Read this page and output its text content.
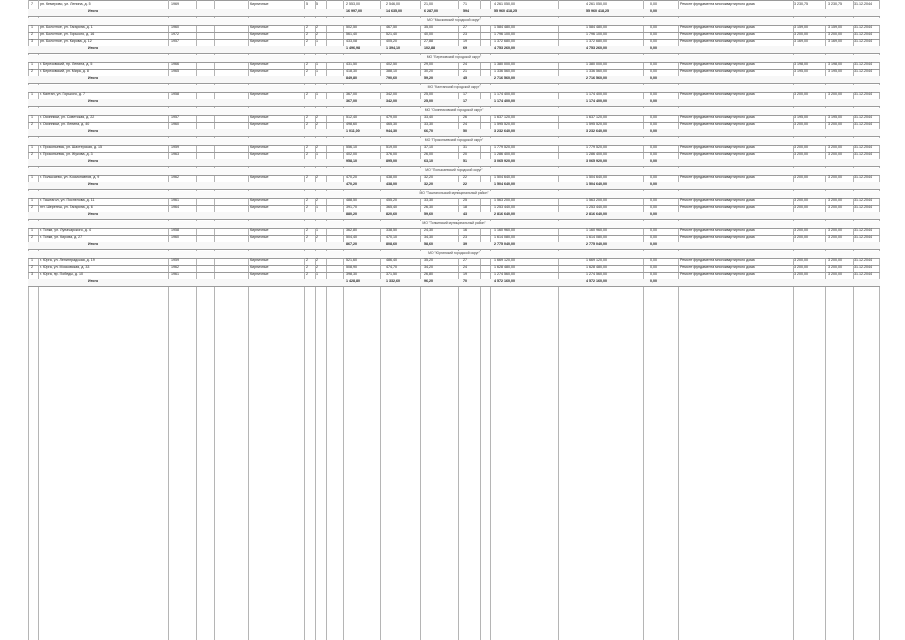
7	рп. Кемерово, ул. Ленина, д. 5	1969	Кирпичные	5	5	2 553,00	2 546,00	21,00	71	4 261 050,00	4 261 050,00	0,00	Ремонт фундамента многоквартирного дома	3 230,75	3 230,75	31.12.2044
Итого	16 997,00	14 635,00	6 287,00	594	55 960 418,25	55 960 418,25	0,00
МО "Мысковский городской округ"
1	рп. Болотное, ул. Гагарина, д. 1	1960	Кирпичные	2	2	502,50	467,50	35,00	27	1 584 480,00	1 584 480,00	0,00	Ремонт фундамента многоквартирного дома	3 159,00	3 159,00	31.12.2044
2	рп. Болотное, ул. Горького, д. 16	1972	Кирпичные	2	2	561,40	521,40	40,00	23	1 796 100,00	1 796 100,00	0,00	Ремонт фундамента многоквартирного дома	3 200,00	3 200,00	31.12.2044
3	рп. Болотное, ул. Кирова, д. 12	1957	Кирпичные	2	1	433,08	405,20	27,88	19	1 372 680,00	1 372 680,00	0,00	Ремонт фундамента многоквартирного дома	3 169,00	3 169,00	31.12.2044
Итого	1 496,98	1 394,10	102,88	69	4 753 260,00	4 753 260,00	0,00
МО "Березовский городской округ"
1	г. Березовский, пр. Ленина, д. 5	1966	Кирпичные	2	1	431,50	402,50	29,00	24	1 380 000,00	1 380 000,00	0,00	Ремонт фундамента многоквартирного дома	3 198,00	3 198,00	31.12.2044
2	г. Березовский, ул. Мира, д. 8	1965	Кирпичные	2	1	418,30	388,10	30,20	21	1 336 560,00	1 336 560,00	0,00	Ремонт фундамента многоквартирного дома	3 195,00	3 195,00	31.12.2044
Итого	849,80	790,60	59,20	45	2 716 560,00	2 716 560,00	0,00
МО "Калтанский городской округ"
1	г. Калтан, ул. Горького, д. 7	1958	Кирпичные	2	1	367,00	342,00	25,00	17	1 174 400,00	1 174 400,00	0,00	Ремонт фундамента многоквартирного дома	3 200,00	3 200,00	31.12.2044
Итого	367,00	342,00	25,00	17	1 174 400,00	1 174 400,00	0,00
МО "Осинниковский городской округ"
1	г. Осинники, ул. Советская, д. 22	1957	Кирпичные	2	2	512,40	479,00	33,40	26	1 637 120,00	1 637 120,00	0,00	Ремонт фундамента многоквартирного дома	3 195,00	3 195,00	31.12.2044
2	г. Осинники, ул. Ленина, д. 40	1960	Кирпичные	2	2	498,60	465,30	33,30	24	1 595 520,00	1 595 520,00	0,00	Ремонт фундамента многоквартирного дома	3 200,00	3 200,00	31.12.2044
Итого	1 011,00	944,30	66,70	50	3 232 640,00	3 232 640,00	0,00
МО "Прокопьевский городской округ"
1	г. Прокопьевск, ул. Шахтерская, д. 15	1959	Кирпичные	2	2	556,10	519,00	37,10	31	1 779 520,00	1 779 520,00	0,00	Ремонт фундамента многоквартирного дома	3 200,00	3 200,00	31.12.2044
2	г. Прокопьевск, ул. Жукова, д. 3	1963	Кирпичные	2	1	402,00	376,00	26,00	20	1 286 400,00	1 286 400,00	0,00	Ремонт фундамента многоквартирного дома	3 200,00	3 200,00	31.12.2044
Итого	958,10	895,00	63,10	51	3 065 920,00	3 065 920,00	0,00
МО "Полысаевский городской округ"
1	г. Полысаево, ул. Космонавтов, д. 9	1962	Кирпичные	2	2	470,20	438,00	32,20	22	1 504 640,00	1 504 640,00	0,00	Ремонт фундамента многоквартирного дома	3 200,00	3 200,00	31.12.2044
Итого	470,20	438,00	32,20	22	1 504 640,00	1 504 640,00	0,00
МО "Таштагольский муниципальный район"
1	г. Таштагол, ул. Поспелова, д. 11	1961	Кирпичные	2	2	488,50	455,20	33,30	25	1 563 200,00	1 563 200,00	0,00	Ремонт фундамента многоквартирного дома	3 200,00	3 200,00	31.12.2044
2	пгт. Шерегеш, ул. Гагарина, д. 6	1964	Кирпичные	2	1	391,70	365,40	26,30	18	1 253 440,00	1 253 440,00	0,00	Ремонт фундамента многоквартирного дома	3 200,00	3 200,00	31.12.2044
Итого	880,20	820,60	59,60	43	2 816 640,00	2 816 640,00	0,00
МО "Топкинский муниципальный район"
1	г. Топки, ул. Луначарского, д. 4	1958	Кирпичные	2	1	362,80	338,50	24,30	16	1 160 960,00	1 160 960,00	0,00	Ремонт фундамента многоквартирного дома	3 200,00	3 200,00	31.12.2044
2	г. Топки, ул. Кирова, д. 27	1960	Кирпичные	2	2	504,40	470,10	34,30	23	1 614 080,00	1 614 080,00	0,00	Ремонт фундамента многоквартирного дома	3 200,00	3 200,00	31.12.2044
Итого	867,20	808,60	58,60	39	2 775 040,00	2 775 040,00	0,00
МО "Юргинский городской округ"
1	г. Юрга, ул. Ленинградская, д. 19	1959	Кирпичные	2	2	521,60	486,40	35,20	27	1 669 120,00	1 669 120,00	0,00	Ремонт фундамента многоквартирного дома	3 200,00	3 200,00	31.12.2044
2	г. Юрга, ул. Московская, д. 33	1962	Кирпичные	2	2	508,90	474,70	34,20	24	1 628 480,00	1 628 480,00	0,00	Ремонт фундамента многоквартирного дома	3 200,00	3 200,00	31.12.2044
3	г. Юрга, пр. Победы, д. 10	1961	Кирпичные	2	1	398,30	371,50	26,80	19	1 274 560,00	1 274 560,00	0,00	Ремонт фундамента многоквартирного дома	3 200,00	3 200,00	31.12.2044
Итого	1 428,80	1 332,60	96,20	70	4 572 160,00	4 572 160,00	0,00
